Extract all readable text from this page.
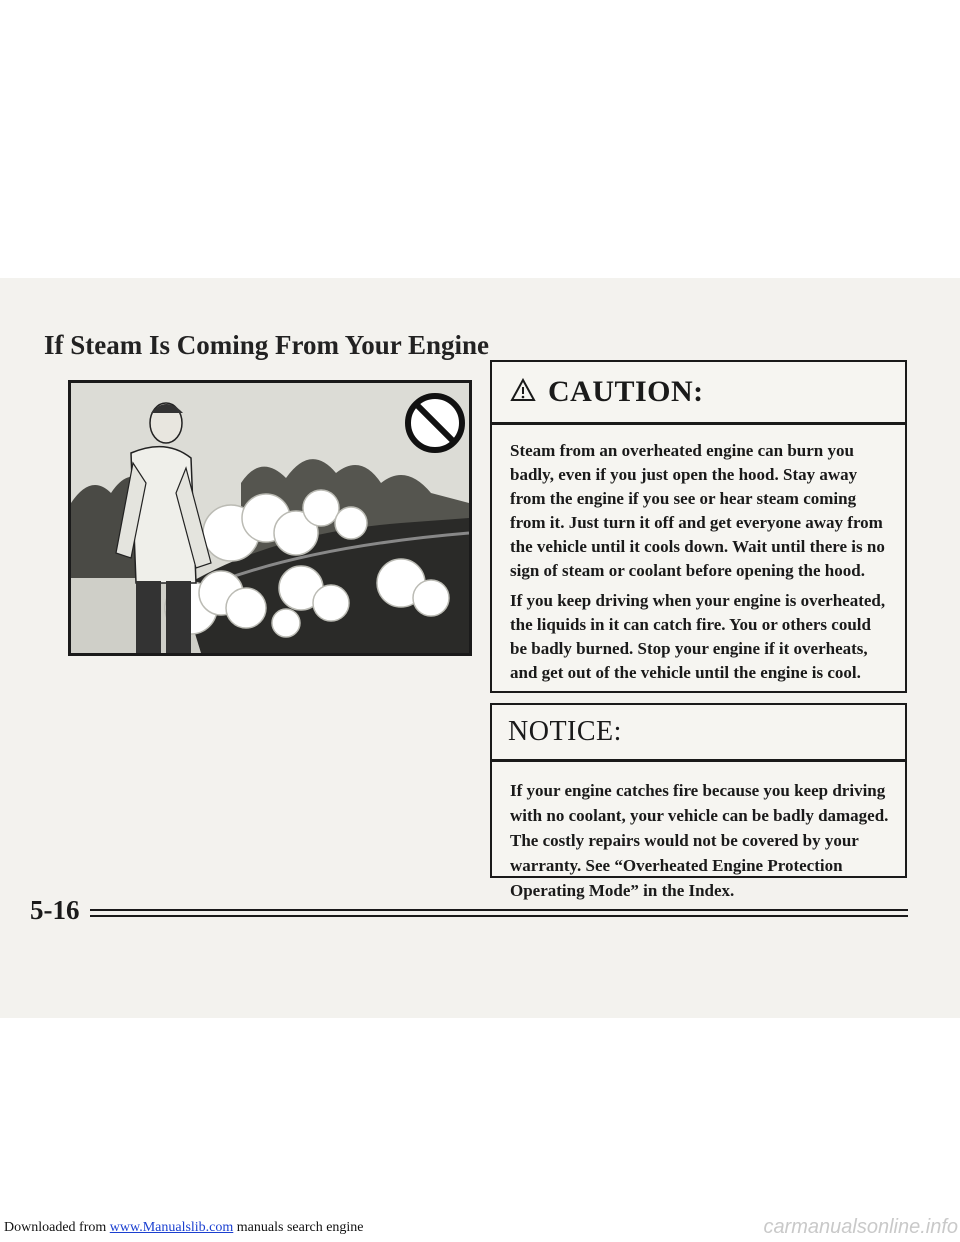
Downloaded from www.Manualslib.com manuals search engine
If Steam Is Coming From Your Engine
CAUTION:

Steam from an overheated engine can burn you badly, even if you just open the hood. Stay away from the engine if you see or hear steam coming from it. Just turn it off and get everyone away from the vehicle until it cools down. Wait until there is no sign of steam or coolant before opening the hood.

If you keep driving when your engine is overheated, the liquids in it can catch fire. You or others could be badly burned. Stop your engine if it overheats, and get out of the vehicle until the engine is cool.

NOTICE:

If your engine catches fire because you keep driving with no coolant, your vehicle can be badly damaged. The costly repairs would not be covered by your warranty. See “Overheated Engine Protection Operating Mode” in the Index.

5-16
carmanualsonline.info
